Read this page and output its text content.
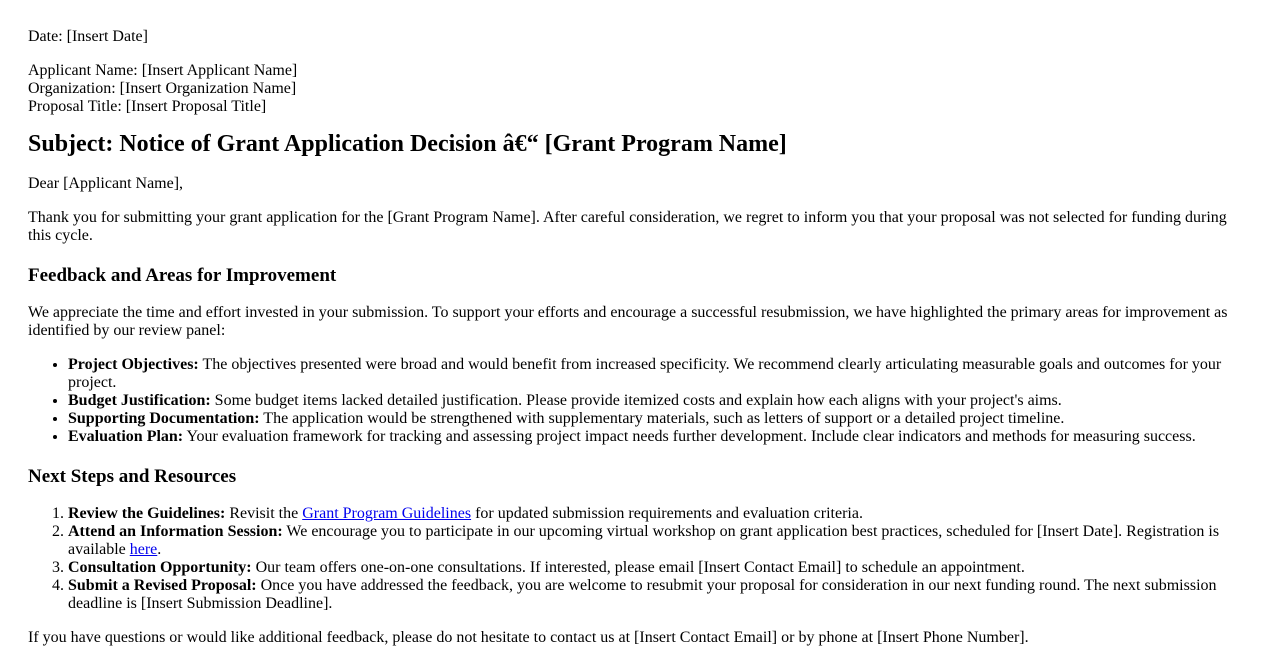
Date: [Insert Date]

Applicant Name: [Insert Applicant Name]

Organization: [Insert Organization Name]

Proposal Title: [Insert Proposal Title]

Subject: Notice of Grant Application Decision â€“ [Grant Program Name]

Dear [Applicant Name],

Thank you for submitting your grant application for the [Grant Program Name]. After careful consideration, we regret to inform you that your proposal was not selected for funding during this cycle.

Feedback and Areas for Improvement

We appreciate the time and effort invested in your submission. To support your efforts and encourage a successful resubmission, we have highlighted the primary areas for improvement as identified by our review panel:

• Project Objectives: The objectives presented were broad and would benefit from increased specificity. We recommend clearly articulating measurable goals and outcomes for your project.
• Budget Justification: Some budget items lacked detailed justification. Please provide itemized costs and explain how each aligns with your project's aims.
• Supporting Documentation: The application would be strengthened with supplementary materials, such as letters of support or a detailed project timeline.
• Evaluation Plan: Your evaluation framework for tracking and assessing project impact needs further development. Include clear indicators and methods for measuring success.
Next Steps and Resources
1. Review the Guidelines: Revisit the Grant Program Guidelines for updated submission requirements and evaluation criteria.
2. Attend an Information Session: We encourage you to participate in our upcoming virtual workshop on grant application best practices, scheduled for [Insert Date]. Registration is available here.
3. Consultation Opportunity: Our team offers one-on-one consultations. If interested, please email [Insert Contact Email] to schedule an appointment.
4. Submit a Revised Proposal: Once you have addressed the feedback, you are welcome to resubmit your proposal for consideration in our next funding round. The next submission deadline is [Insert Submission Deadline].

If you have questions or would like additional feedback, please do not hesitate to contact us at [Insert Contact Email] or by phone at [Insert Phone Number].
